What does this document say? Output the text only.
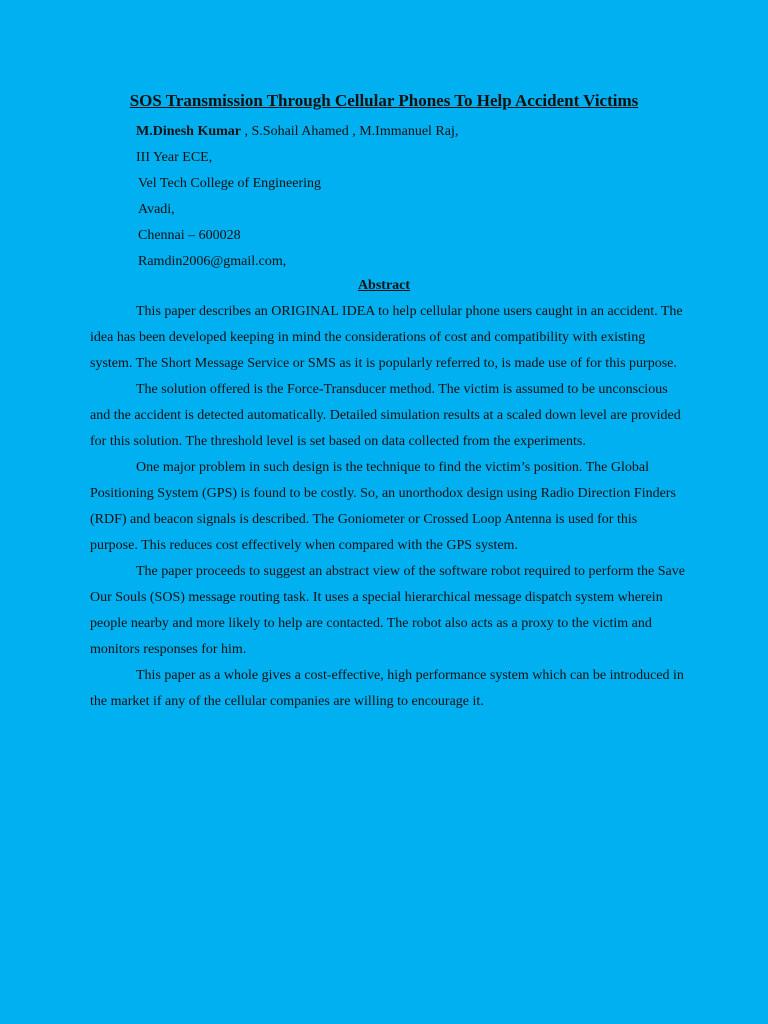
SOS Transmission Through Cellular Phones To Help Accident Victims
M.Dinesh Kumar , S.Sohail Ahamed , M.Immanuel Raj,
III Year ECE,
Vel Tech College of Engineering
Avadi,
Chennai – 600028
Ramdin2006@gmail.com,
Abstract

This paper describes an ORIGINAL IDEA to help cellular phone users caught in an accident. The idea has been developed keeping in mind the considerations of cost and compatibility with existing system. The Short Message Service or SMS as it is popularly referred to, is made use of for this purpose.

The solution offered is the Force-Transducer method. The victim is assumed to be unconscious and the accident is detected automatically. Detailed simulation results at a scaled down level are provided for this solution. The threshold level is set based on data collected from the experiments.

One major problem in such design is the technique to find the victim’s position. The Global Positioning System (GPS) is found to be costly. So, an unorthodox design using Radio Direction Finders (RDF) and beacon signals is described. The Goniometer or Crossed Loop Antenna is used for this purpose. This reduces cost effectively when compared with the GPS system.

The paper proceeds to suggest an abstract view of the software robot required to perform the Save Our Souls (SOS) message routing task. It uses a special hierarchical message dispatch system wherein people nearby and more likely to help are contacted. The robot also acts as a proxy to the victim and monitors responses for him.

This paper as a whole gives a cost-effective, high performance system which can be introduced in the market if any of the cellular companies are willing to encourage it.
